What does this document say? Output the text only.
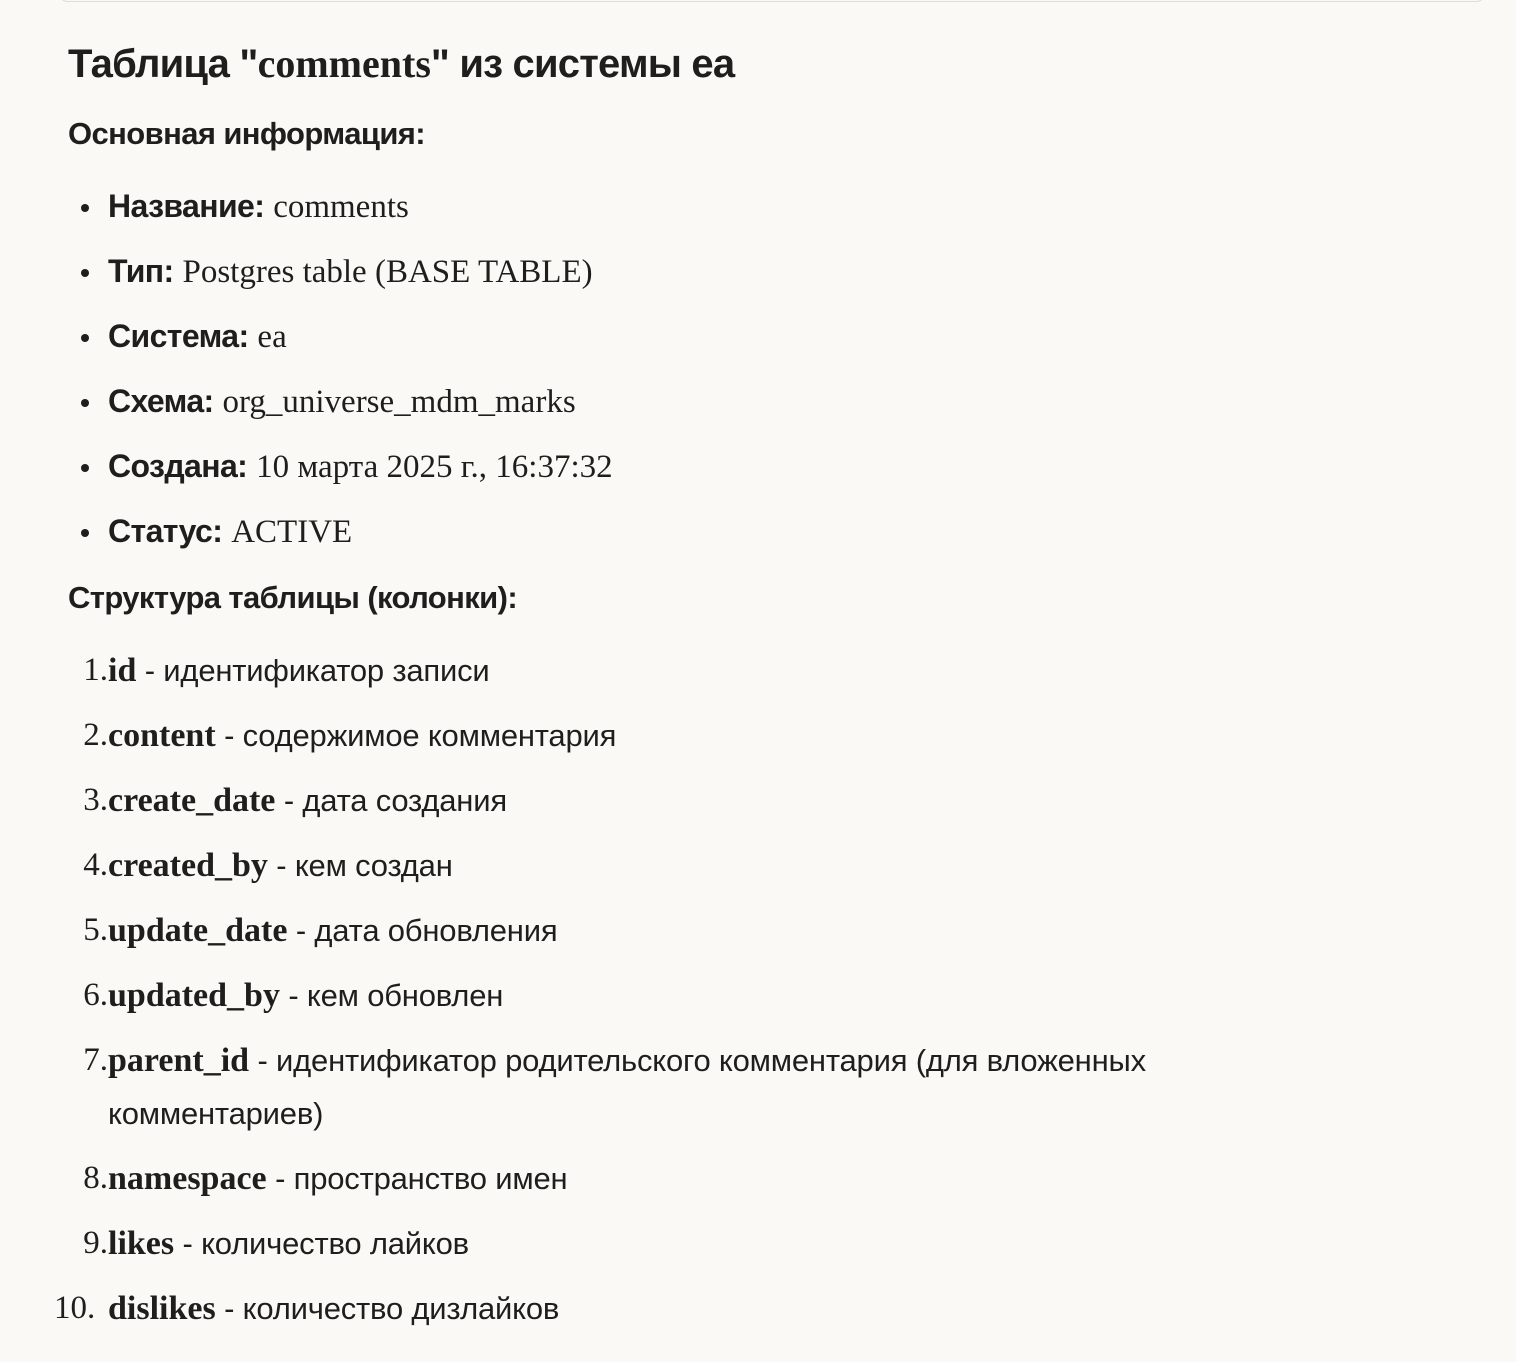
Таблица "comments" из системы ea
Основная информация:
Название: comments
Тип: Postgres table (BASE TABLE)
Система: ea
Схема: org_universe_mdm_marks
Создана: 10 марта 2025 г., 16:37:32
Статус: ACTIVE
Структура таблицы (колонки):
1. id - идентификатор записи
2. content - содержимое комментария
3. create_date - дата создания
4. created_by - кем создан
5. update_date - дата обновления
6. updated_by - кем обновлен
7. parent_id - идентификатор родительского комментария (для вложенных комментариев)
8. namespace - пространство имен
9. likes - количество лайков
10. dislikes - количество дизлайков
